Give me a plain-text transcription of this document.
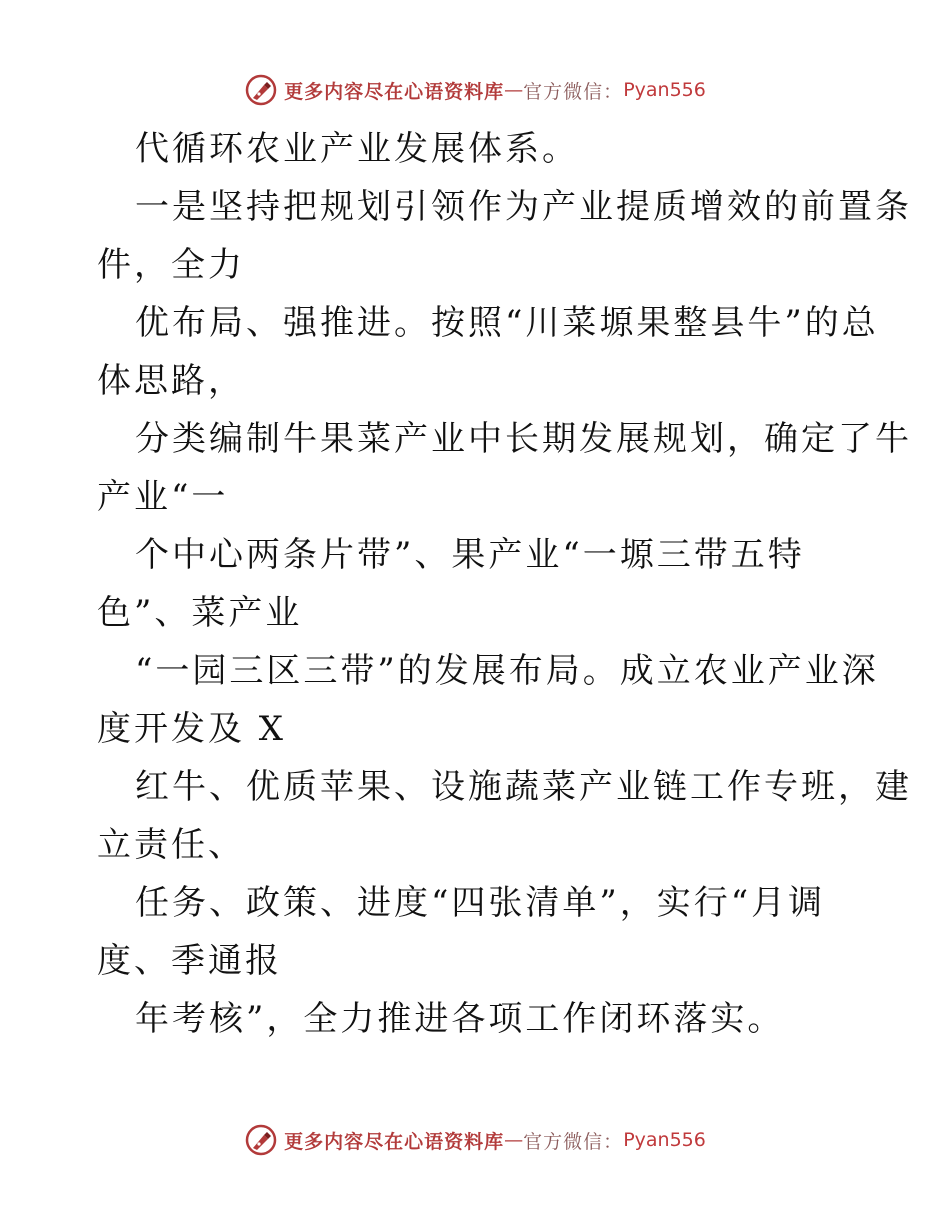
更多内容尽在心语资料库 — 官方微信： Pyan556
代循环农业产业发展体系。
一是坚持把规划引领作为产业提质增效的前置条
件，全力
优布局、强推进。按照“川菜塬果整县牛”的总
体思路，
分类编制牛果菜产业中长期发展规划，确定了牛
产业“一
个中心两条片带”、果产业“一塬三带五特
色”、菜产业
“一园三区三带”的发展布局。成立农业产业深
度开发及 X
红牛、优质苹果、设施蔬菜产业链工作专班，建
立责任、
任务、政策、进度“四张清单”，实行“月调
度、季通报
年考核”，全力推进各项工作闭环落实。
更多内容尽在心语资料库 — 官方微信： Pyan556
